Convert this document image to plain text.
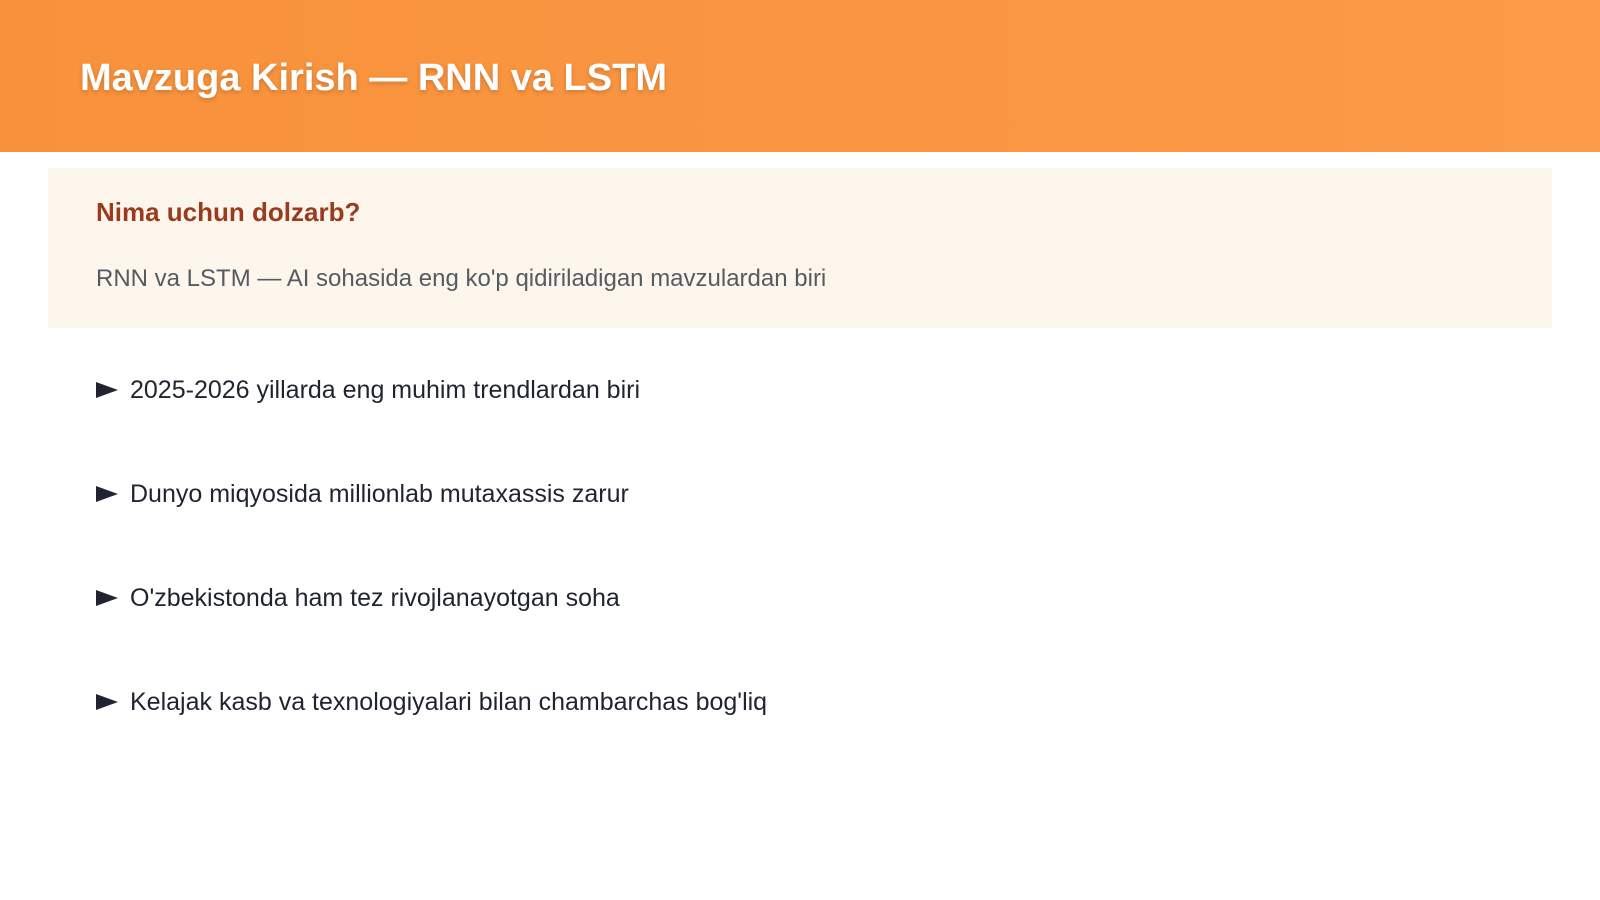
Mavzuga Kirish — RNN va LSTM
Nima uchun dolzarb?

RNN va LSTM — AI sohasida eng ko'p qidiriladigan mavzulardan biri

2025-2026 yillarda eng muhim trendlardan biri
Dunyo miqyosida millionlab mutaxassis zarur
O'zbekistonda ham tez rivojlanayotgan soha
Kelajak kasb va texnologiyalari bilan chambarchas bog'liq
